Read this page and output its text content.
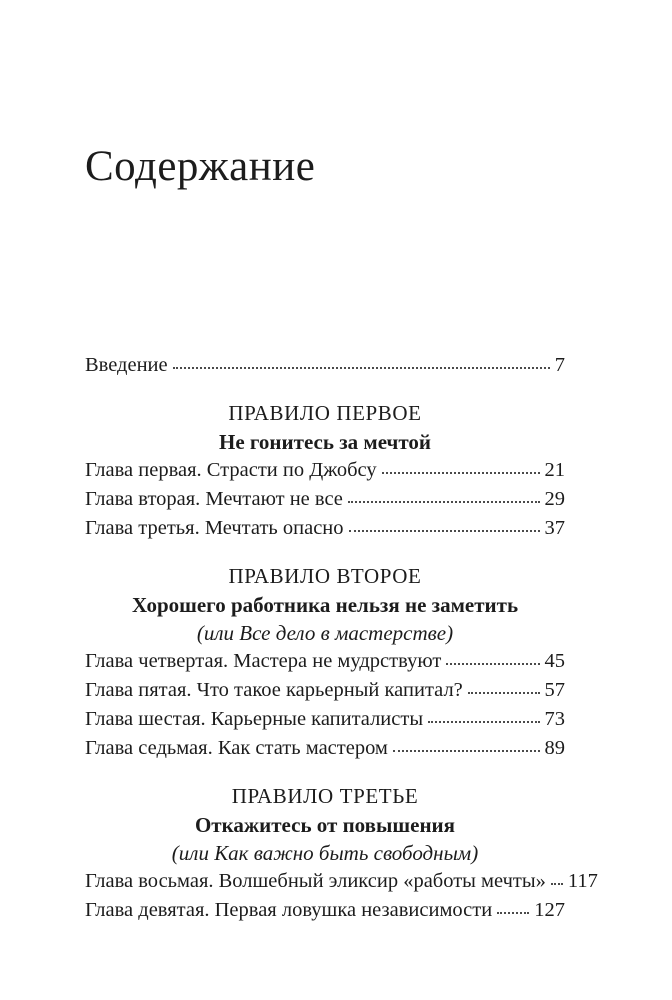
Содержание
Введение	7
ПРАВИЛО ПЕРВОЕ
Не гонитесь за мечтой
Глава первая. Страсти по Джобсу	21
Глава вторая. Мечтают не все	29
Глава третья. Мечтать опасно	37
ПРАВИЛО ВТОРОЕ
Хорошего работника нельзя не заметить
(или Все дело в мастерстве)
Глава четвертая. Мастера не мудрствуют	45
Глава пятая. Что такое карьерный капитал?	57
Глава шестая. Карьерные капиталисты	73
Глава седьмая. Как стать мастером	89
ПРАВИЛО ТРЕТЬЕ
Откажитесь от повышения
(или Как важно быть свободным)
Глава восьмая. Волшебный эликсир «работы мечты» 117
Глава девятая. Первая ловушка независимости 127
